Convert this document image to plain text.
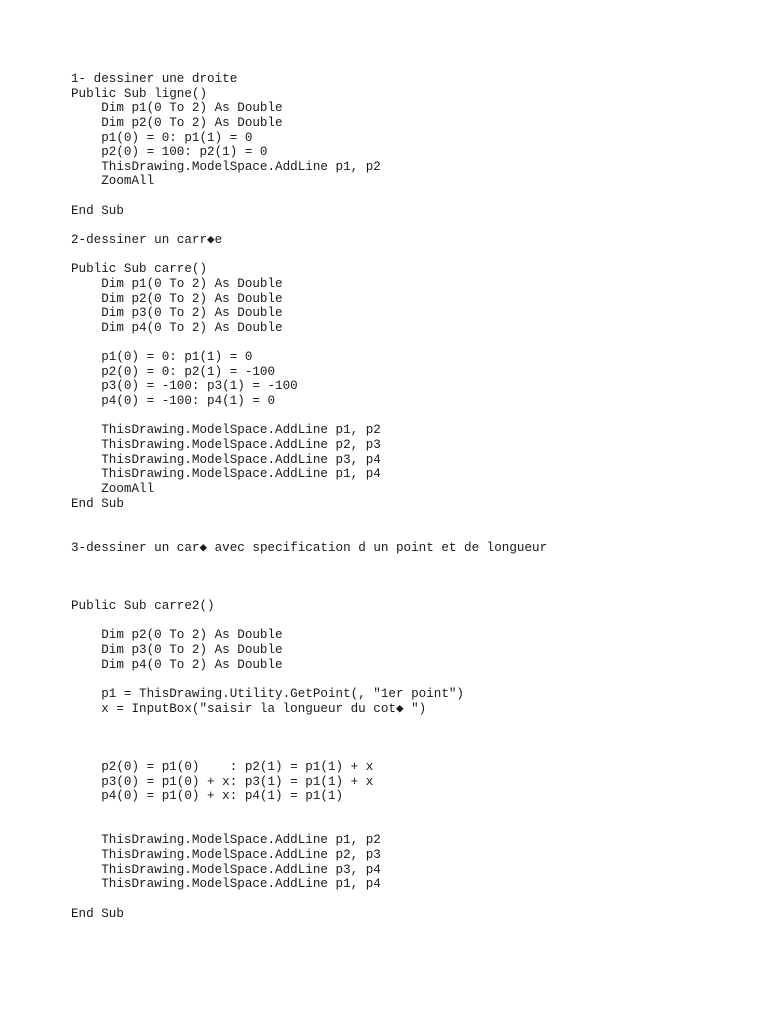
1- dessiner une droite
Public Sub ligne()
Dim p1(0 To 2) As Double
Dim p2(0 To 2) As Double
p1(0) = 0: p1(1) = 0
p2(0) = 100: p2(1) = 0
ThisDrawing.ModelSpace.AddLine p1, p2
ZoomAll
End Sub
2-dessiner un carr◆e
Public Sub carre()
Dim p1(0 To 2) As Double
Dim p2(0 To 2) As Double
Dim p3(0 To 2) As Double
Dim p4(0 To 2) As Double
p1(0) = 0: p1(1) = 0
p2(0) = 0: p2(1) = -100
p3(0) = -100: p3(1) = -100
p4(0) = -100: p4(1) = 0
ThisDrawing.ModelSpace.AddLine p1, p2
ThisDrawing.ModelSpace.AddLine p2, p3
ThisDrawing.ModelSpace.AddLine p3, p4
ThisDrawing.ModelSpace.AddLine p1, p4
ZoomAll
End Sub
3-dessiner un car◆ avec specification d un point et de longueur
Public Sub carre2()
Dim p2(0 To 2) As Double
Dim p3(0 To 2) As Double
Dim p4(0 To 2) As Double
p1 = ThisDrawing.Utility.GetPoint(, "1er point")
x = InputBox("saisir la longueur du cot◆ ")
p2(0) = p1(0)    : p2(1) = p1(1) + x
p3(0) = p1(0) + x: p3(1) = p1(1) + x
p4(0) = p1(0) + x: p4(1) = p1(1)
ThisDrawing.ModelSpace.AddLine p1, p2
ThisDrawing.ModelSpace.AddLine p2, p3
ThisDrawing.ModelSpace.AddLine p3, p4
ThisDrawing.ModelSpace.AddLine p1, p4
End Sub
